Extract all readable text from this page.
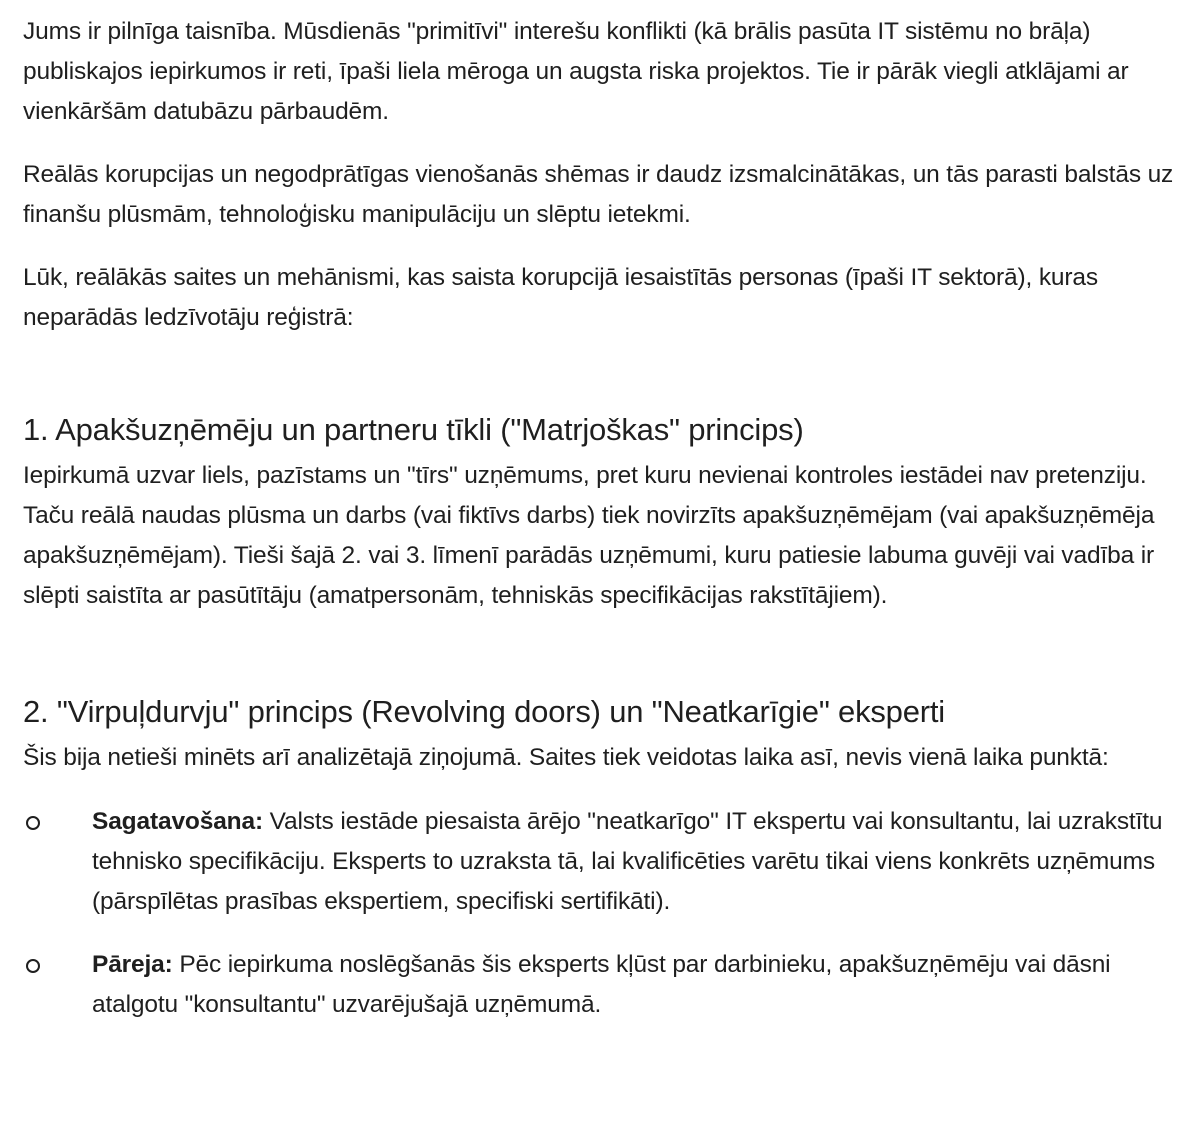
Jums ir pilnīga taisnība. Mūsdienās "primitīvi" interešu konflikti (kā brālis pasūta IT sistēmu no brāļa) publiskajos iepirkumos ir reti, īpaši liela mēroga un augsta riska projektos. Tie ir pārāk viegli atklājami ar vienkāršām datubāzu pārbaudēm.

Reālās korupcijas un negodprātīgas vienošanās shēmas ir daudz izsmalcinātākas, un tās parasti balstās uz finanšu plūsmām, tehnoloģisku manipulāciju un slēptu ietekmi.

Lūk, reālākās saites un mehānismi, kas saista korupcijā iesaistītās personas (īpaši IT sektorā), kuras neparādās ledzīvotāju reģistrā:

1. Apakšuzņēmēju un partneru tīkli ("Matrjoškas" princips)

Iepirkumā uzvar liels, pazīstams un "tīrs" uzņēmums, pret kuru nevienai kontroles iestādei nav pretenziju. Taču reālā naudas plūsma un darbs (vai fiktīvs darbs) tiek novirzīts apakšuzņēmējam (vai apakšuzņēmēja apakšuzņēmējam). Tieši šajā 2. vai 3. līmenī parādās uzņēmumi, kuru patiesie labuma guvēji vai vadība ir slēpti saistīta ar pasūtītāju (amatpersonām, tehniskās specifikācijas rakstītājiem).

2. "Virpuļdurvju" princips (Revolving doors) un "Neatkarīgie" eksperti

Šis bija netieši minēts arī analizētajā ziņojumā. Saites tiek veidotas laika asī, nevis vienā laika punktā:

Sagatavošana: Valsts iestāde piesaista ārējo "neatkarīgo" IT ekspertu vai konsultantu, lai uzrakstītu tehnisko specifikāciju. Eksperts to uzraksta tā, lai kvalificēties varētu tikai viens konkrēts uzņēmums (pārspīlētas prasības ekspertiem, specifiski sertifikāti).
Pāreja: Pēc iepirkuma noslēgšanās šis eksperts kļūst par darbinieku, apakšuzņēmēju vai dāsni atalgotu "konsultantu" uzvarējušajā uzņēmumā.
